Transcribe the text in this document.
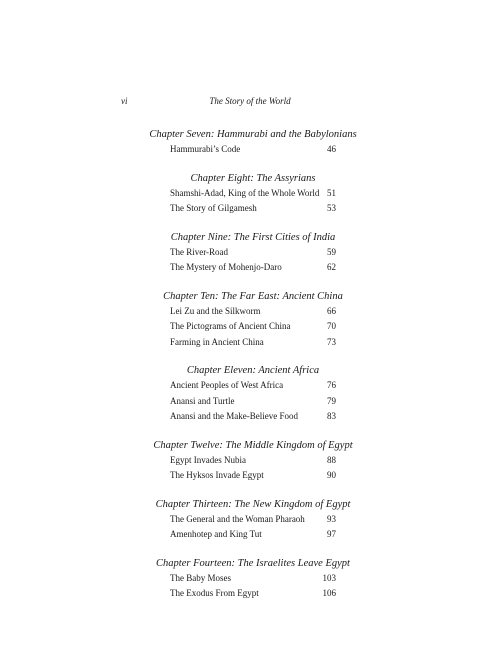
vi	The Story of the World
Chapter Seven: Hammurabi and the Babylonians
Hammurabi’s Code	46
Chapter Eight: The Assyrians
Shamshi-Adad, King of the Whole World 51
The Story of Gilgamesh	53
Chapter Nine: The First Cities of India
The River-Road	59
The Mystery of Mohenjo-Daro	62
Chapter Ten: The Far East: Ancient China
Lei Zu and the Silkworm	66
The Pictograms of Ancient China	70
Farming in Ancient China	73
Chapter Eleven: Ancient Africa
Ancient Peoples of West Africa	76
Anansi and Turtle	79
Anansi and the Make-Believe Food	83
Chapter Twelve: The Middle Kingdom of Egypt
Egypt Invades Nubia	88
The Hyksos Invade Egypt	90
Chapter Thirteen: The New Kingdom of Egypt
The General and the Woman Pharaoh 93
Amenhotep and King Tut	97
Chapter Fourteen: The Israelites Leave Egypt
The Baby Moses	103
The Exodus From Egypt	106
